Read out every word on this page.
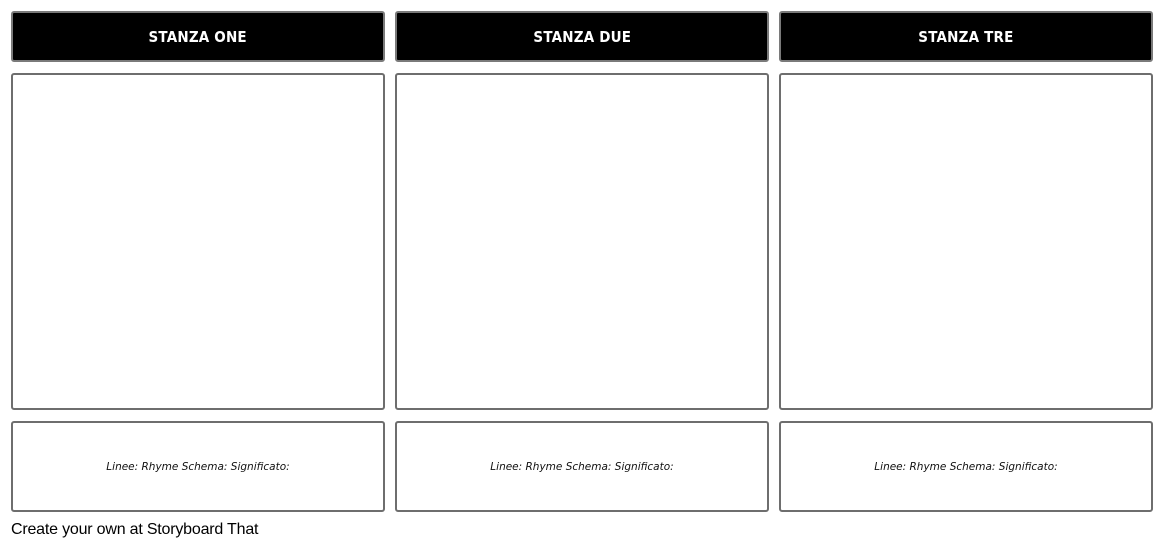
STANZA ONE
Linee: Rhyme Schema: Significato:
STANZA DUE
Linee: Rhyme Schema: Significato:
STANZA TRE
Linee: Rhyme Schema: Significato:
Create your own at Storyboard That
